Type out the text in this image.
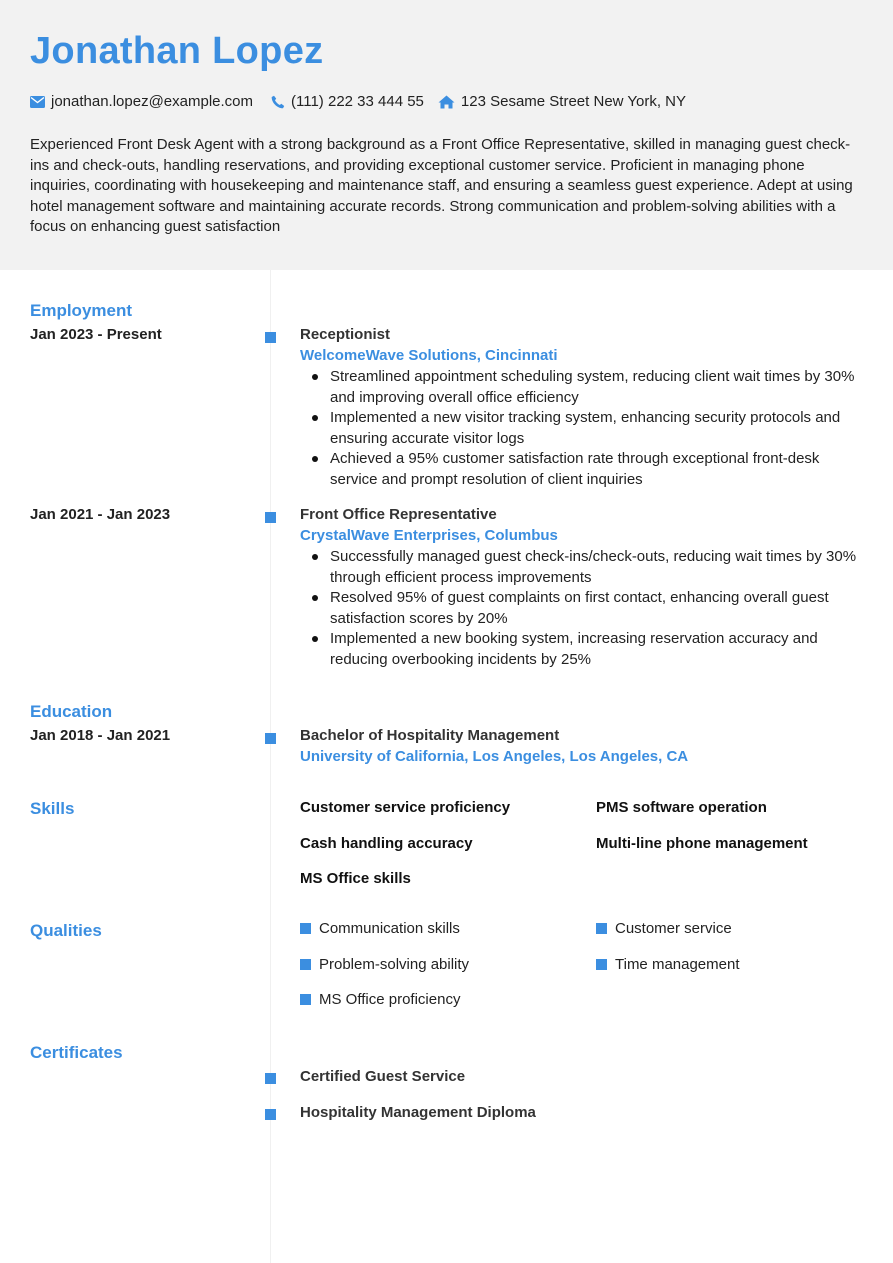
Jonathan Lopez
jonathan.lopez@example.com	(111) 222 33 444 55 123 Sesame Street New York, NY
Experienced Front Desk Agent with a strong background as a Front Office Representative, skilled in managing guest check-ins and check-outs, handling reservations, and providing exceptional customer service. Proficient in managing phone inquiries, coordinating with housekeeping and maintenance staff, and ensuring a seamless guest experience. Adept at using hotel management software and maintaining accurate records. Strong communication and problem-solving abilities with a focus on enhancing guest satisfaction
Employment
Jan 2023 - Present	Receptionist
WelcomeWave Solutions, Cincinnati
Streamlined appointment scheduling system, reducing client wait times by 30% and improving overall office efficiency
Implemented a new visitor tracking system, enhancing security protocols and ensuring accurate visitor logs
Achieved a 95% customer satisfaction rate through exceptional front-desk service and prompt resolution of client inquiries
Jan 2021 - Jan 2023	Front Office Representative
CrystalWave Enterprises, Columbus
Successfully managed guest check-ins/check-outs, reducing wait times by 30% through efficient process improvements
Resolved 95% of guest complaints on first contact, enhancing overall guest satisfaction scores by 20%
Implemented a new booking system, increasing reservation accuracy and reducing overbooking incidents by 25%
Education
Jan 2018 - Jan 2021	Bachelor of Hospitality Management
University of California, Los Angeles, Los Angeles, CA
Skills	Customer service proficiency	PMS software operation
Cash handling accuracy	Multi-line phone management
MS Office skills
Qualities	Communication skills	Customer service
Problem-solving ability	Time management
MS Office proficiency
Certificates
Certified Guest Service
Hospitality Management Diploma
